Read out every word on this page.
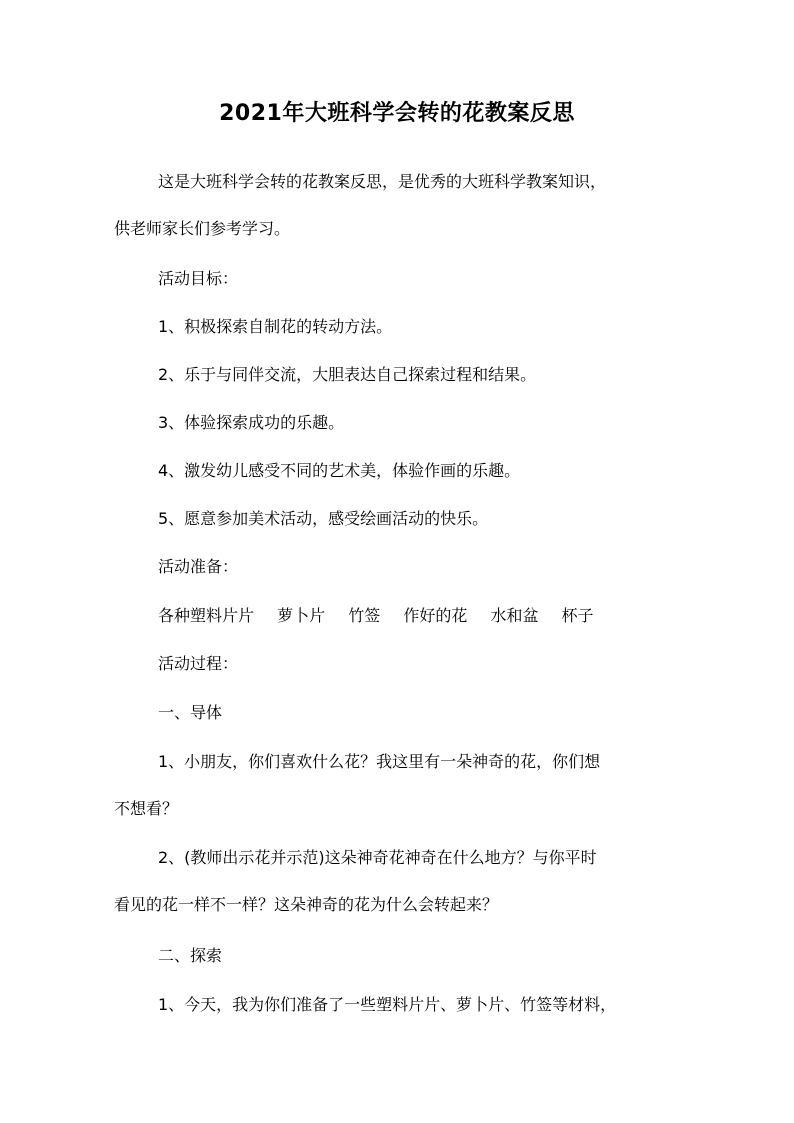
2021年大班科学会转的花教案反思
这是大班科学会转的花教案反思，是优秀的大班科学教案知识，
供老师家长们参考学习。
活动目标：
1、积极探索自制花的转动方法。
2、乐于与同伴交流，大胆表达自己探索过程和结果。
3、体验探索成功的乐趣。
4、激发幼儿感受不同的艺术美，体验作画的乐趣。
5、愿意参加美术活动，感受绘画活动的快乐。
活动准备：
各种塑料片片 萝卜片 竹签 作好的花 水和盆 杯子
活动过程：
一、导体
1、小朋友，你们喜欢什么花？我这里有一朵神奇的花，你们想
不想看？
2、(教师出示花并示范)这朵神奇花神奇在什么地方？与你平时
看见的花一样不一样？这朵神奇的花为什么会转起来？
二、探索
1、今天，我为你们准备了一些塑料片片、萝卜片、竹签等材料，
